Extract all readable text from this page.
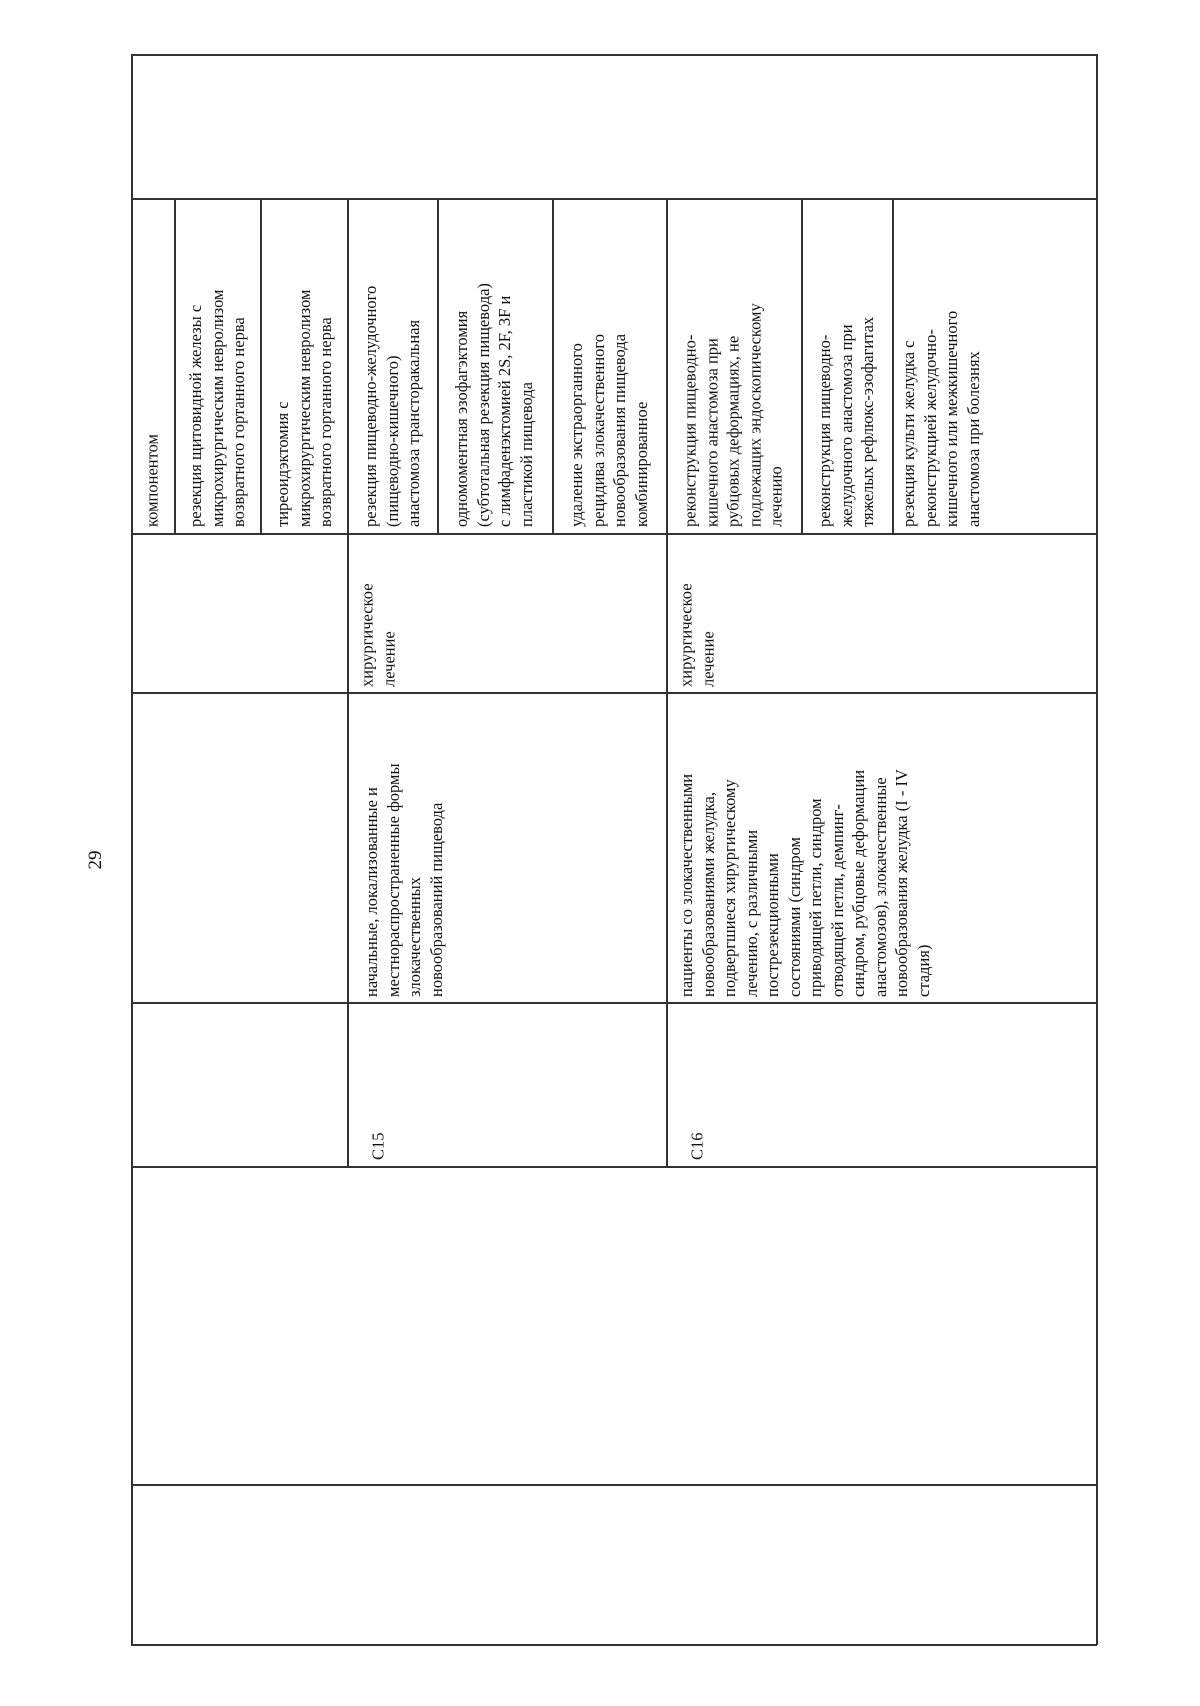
29
компонентом резекция щитовидной железы с
микрохирургическим невролизом
возвратного гортанного нерва
тиреоидэктомия с
микрохирургическим невролизом
возвратного гортанного нерва
C15
начальные, локализованные и
местнораспространенные формы
злокачественных
новообразований пищевода
хирургическое
лечение
резекция пищеводно-желудочного
(пищеводно-кишечного)
анастомоза трансторакальная
одномоментная эзофагэктомия
(субтотальная резекция пищевода)
с лимфаденэктомией 2S, 2F, 3F и
пластикой пищевода
удаление экстраорганного
рецидива злокачественного
новообразования пищевода
комбинированное
C16
пациенты со злокачественными
новообразованиями желудка,
подвергшиеся хирургическому
лечению, с различными
пострезекционными
состояниями (синдром
приводящей петли, синдром
отводящей петли, демпинг-
синдром, рубцовые деформации
анастомозов), злокачественные
новообразования желудка (I - IV
стадия)
хирургическое
лечение
реконструкция пищеводно-
кишечного анастомоза при
рубцовых деформациях, не
подлежащих эндоскопическому
лечению реконструкция пищеводно-
желудочного анастомоза при
тяжелых рефлюкс-эзофагитах
резекция культи желудка с
реконструкцией желудочно-
кишечного или межкишечного
анастомоза при болезнях
